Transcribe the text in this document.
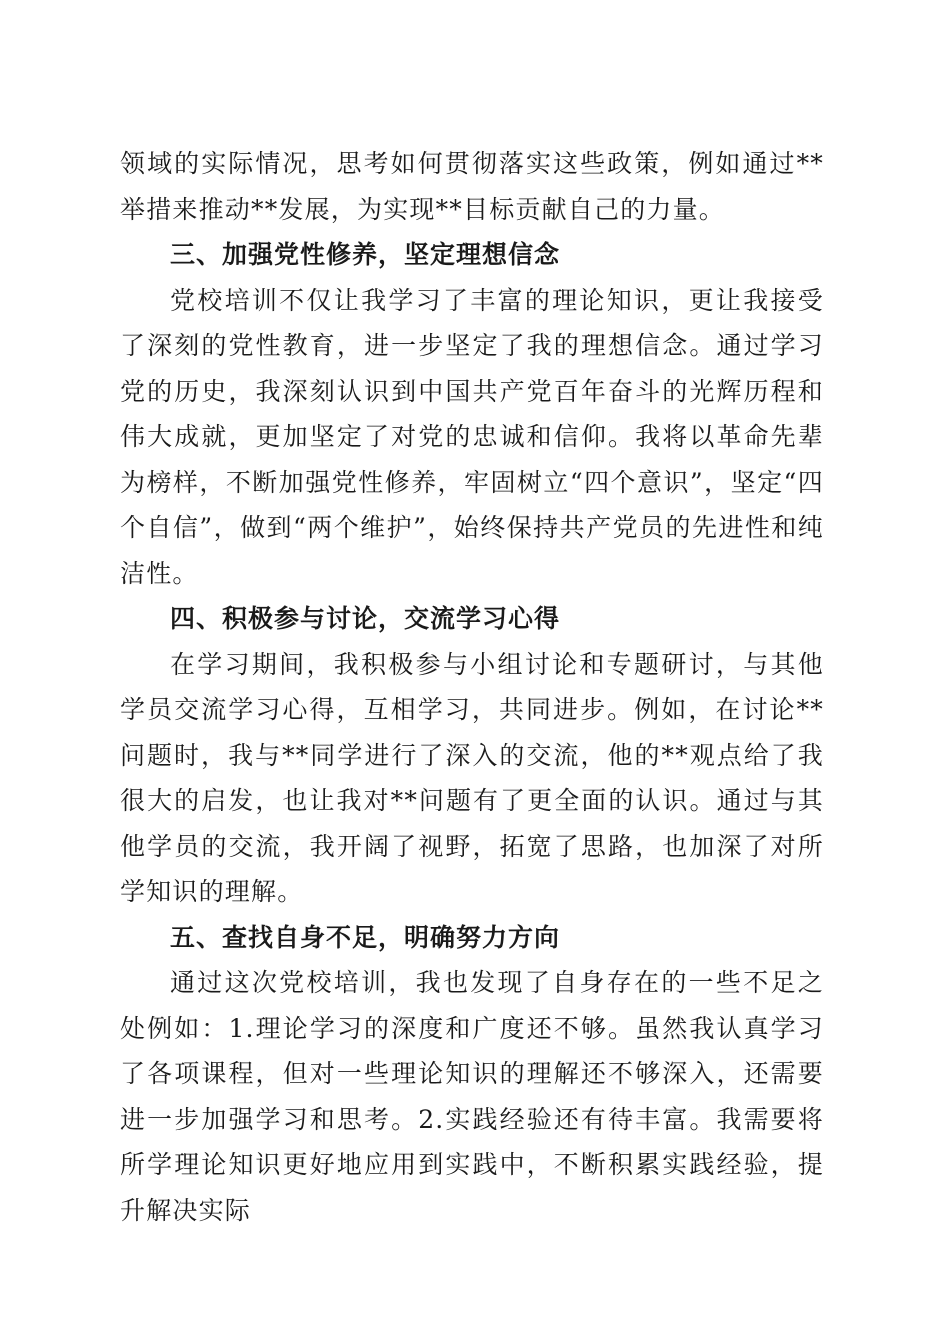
领域的实际情况，思考如何贯彻落实这些政策，例如通过**举措来推动**发展，为实现**目标贡献自己的力量。

三、加强党性修养，坚定理想信念

党校培训不仅让我学习了丰富的理论知识，更让我接受了深刻的党性教育，进一步坚定了我的理想信念。通过学习党的历史，我深刻认识到中国共产党百年奋斗的光辉历程和伟大成就，更加坚定了对党的忠诚和信仰。我将以革命先辈为榜样，不断加强党性修养，牢固树立“四个意识”，坚定“四个自信”，做到“两个维护”，始终保持共产党员的先进性和纯洁性。

四、积极参与讨论，交流学习心得

在学习期间，我积极参与小组讨论和专题研讨，与其他学员交流学习心得，互相学习，共同进步。例如，在讨论**问题时，我与**同学进行了深入的交流，他的**观点给了我很大的启发，也让我对**问题有了更全面的认识。通过与其他学员的交流，我开阔了视野，拓宽了思路，也加深了对所学知识的理解。

五、查找自身不足，明确努力方向

通过这次党校培训，我也发现了自身存在的一些不足之处例如：1.理论学习的深度和广度还不够。虽然我认真学习了各项课程，但对一些理论知识的理解还不够深入，还需要进一步加强学习和思考。2.实践经验还有待丰富。我需要将所学理论知识更好地应用到实践中，不断积累实践经验，提升解决实际
